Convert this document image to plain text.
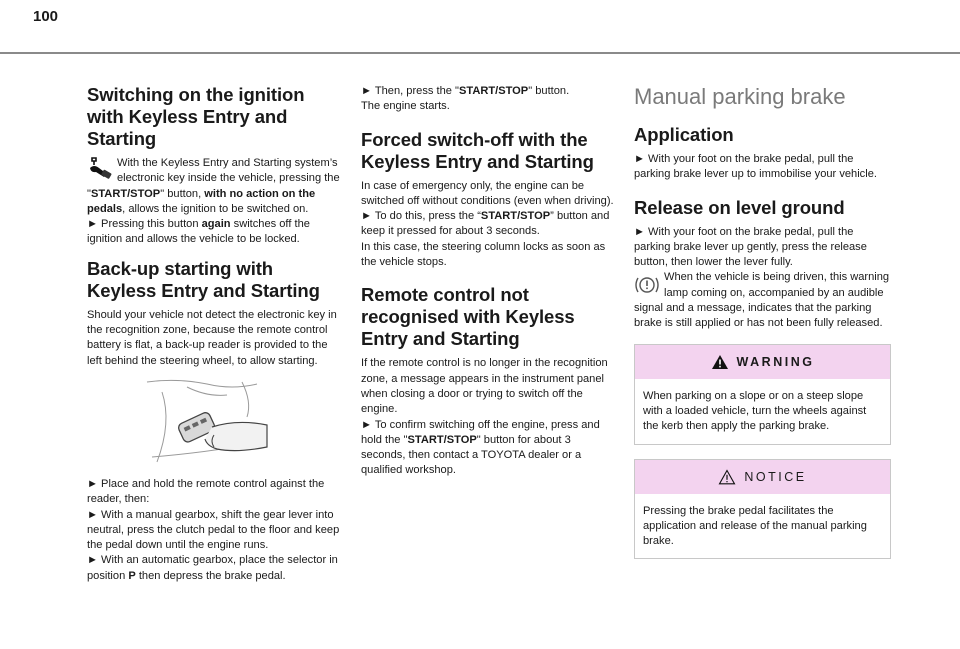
100
Switching on the ignition with Keyless Entry and Starting

With the Keyless Entry and Starting system’s electronic key inside the vehicle, pressing the "START/STOP" button, with no action on the pedals, allows the ignition to be switched on.

► Pressing this button again switches off the ignition and allows the vehicle to be locked.

Back-up starting with Keyless Entry and Starting

Should your vehicle not detect the electronic key in the recognition zone, because the remote control battery is flat, a back-up reader is provided to the left behind the steering wheel, to allow starting.

► Place and hold the remote control against the reader, then:

► With a manual gearbox, shift the gear lever into neutral, press the clutch pedal to the floor and keep the pedal down until the engine runs.

► With an automatic gearbox, place the selector in position P then depress the brake pedal.

► Then, press the "START/STOP" button.

The engine starts.

Forced switch-off with the Keyless Entry and Starting

In case of emergency only, the engine can be switched off without conditions (even when driving).

► To do this, press the “START/STOP” button and keep it pressed for about 3 seconds.

In this case, the steering column locks as soon as the vehicle stops.

Remote control not recognised with Keyless Entry and Starting

If the remote control is no longer in the recognition zone, a message appears in the instrument panel when closing a door or trying to switch off the engine.

► To confirm switching off the engine, press and hold the "START/STOP" button for about 3 seconds, then contact a TOYOTA dealer or a qualified workshop.

Manual parking brake
Application

► With your foot on the brake pedal, pull the parking brake lever up to immobilise your vehicle.

Release on level ground

► With your foot on the brake pedal, pull the parking brake lever up gently, press the release button, then lower the lever fully.

When the vehicle is being driven, this warning lamp coming on, accompanied by an audible signal and a message, indicates that the parking brake is still applied or has not been fully released.

WARNING

When parking on a slope or on a steep slope with a loaded vehicle, turn the wheels against the kerb then apply the parking brake.

NOTICE

Pressing the brake pedal facilitates the application and release of the manual parking brake.
